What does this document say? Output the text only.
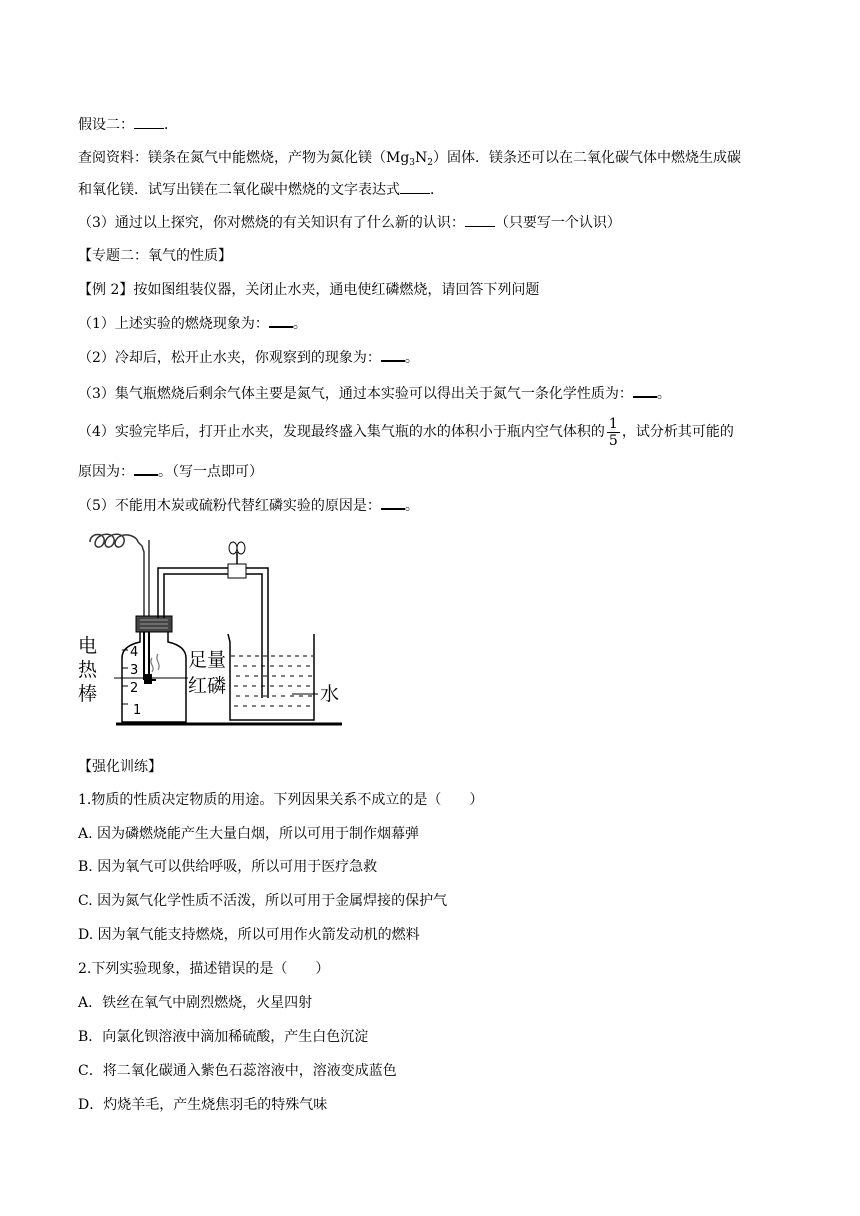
假设二： ．
查阅资料：镁条在氮气中能燃烧，产物为氮化镁$(Mg_3N_2)$固体．镁条还可以在二氧化碳气体中燃烧生成碳
和氧化镁．试写出镁在二氧化碳中燃烧的文字表达式 ．
（3）通过以上探究，你对燃烧的有关知识有了什么新的认识： （只要写一个认识）
【专题二：氧气的性质】
【例 2】按如图组装仪器，关闭止水夹，通电使红磷燃烧，请回答下列问题
（1）上述实验的燃烧现象为： 。
（2）冷却后，松开止水夹，你观察到的现象为： 。
（3）集气瓶燃烧后剩余气体主要是氮气，通过本实验可以得出关于氮气一条化学性质为： 。
（4）实验完毕后，打开止水夹，发现最终盛入集气瓶的水的体积小于瓶内空气体积的 $\frac{1}{5}$ ，试分析其可能的
原因为： 。（写一点即可）
（5）不能用木炭或硫粉代替红磷实验的原因是： 。
4
3
2
1
电
热
棒
足量
红磷	水
【强化训练】
1.物质的性质决定物质的用途。下列因果关系不成立的是（　　）
A. 因为磷燃烧能产生大量白烟，所以可用于制作烟幕弹
B. 因为氧气可以供给呼吸，所以可用于医疗急救
C. 因为氮气化学性质不活泼，所以可用于金属焊接的保护气
D. 因为氧气能支持燃烧，所以可用作火箭发动机的燃料
2.下列实验现象，描述错误的是（　　）
A．铁丝在氧气中剧烈燃烧，火星四射
B．向氯化钡溶液中滴加稀硫酸，产生白色沉淀
C．将二氧化碳通入紫色石蕊溶液中，溶液变成蓝色
D．灼烧羊毛，产生烧焦羽毛的特殊气味
